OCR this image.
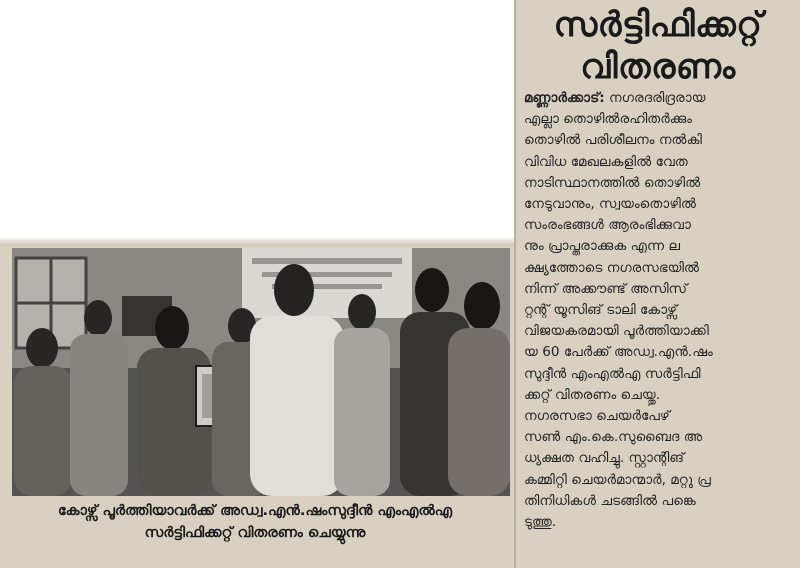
സർട്ടിഫിക്കറ്റ്
വിതരണം
മണ്ണാർക്കാട്: നഗരദരിദ്രരായ
എല്ലാ തൊഴിൽരഹിതർക്കും
തൊഴിൽ പരിശീലനം നൽകി
വിവിധ മേഖലകളിൽ വേത
നാടിസ്ഥാനത്തിൽ തൊഴിൽ
നേടുവാനും, സ്വയംതൊഴിൽ
സംരംഭങ്ങൾ ആരംഭിക്കുവാ
നും പ്രാപ്തരാക്കുക എന്ന ല
ക്ഷ്യത്തോടെ നഗരസഭയിൽ
നിന്ന് അക്കൗണ്ട് അസിസ്
റ്റന്റ് യൂസിങ് ടാലി കോഴ്സ്
വിജയകരമായി പൂർത്തിയാക്കി
യ 60 പേർക്ക് അഡ്വ.എൻ.ഷം
സുദ്ദീൻ എംഎൽഎ സർട്ടിഫി
ക്കറ്റ് വിതരണം ചെയ്തു.
നഗരസഭാ ചെയർപേഴ്
സൺ എം.കെ.സുബൈദ അ
ധ്യക്ഷത വഹിച്ചു. സ്റ്റാന്റിങ്
കമ്മിറ്റി ചെയർമാന്മാർ, മറ്റു പ്ര
തിനിധികൾ ചടങ്ങിൽ പങ്കെ
ടുത്തു.
കോഴ്സ് പൂർത്തിയാവർക്ക് അഡ്വ.എൻ.ഷംസുദ്ദീൻ എംഎൽഎ
സർട്ടിഫിക്കറ്റ് വിതരണം ചെയ്യുന്നു
